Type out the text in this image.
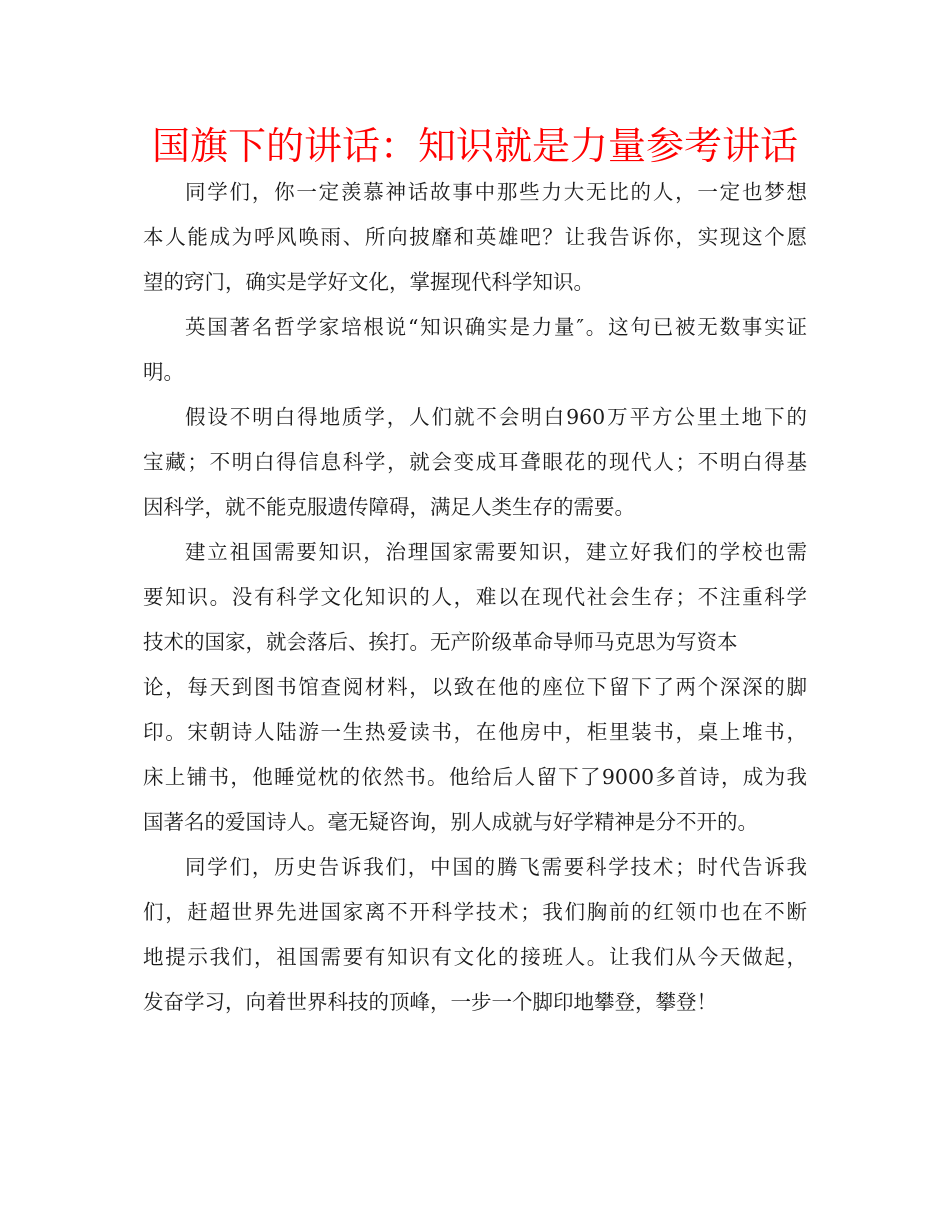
国旗下的讲话：知识就是力量参考讲话
同学们，你一定羡慕神话故事中那些力大无比的人，一定也梦想
本人能成为呼风唤雨、所向披靡和英雄吧？让我告诉你，实现这个愿
望的窍门，确实是学好文化，掌握现代科学知识。
英国著名哲学家培根说“知识确实是力量″。这句已被无数事实证
明。
假设不明白得地质学，人们就不会明白960万平方公里土地下的
宝藏；不明白得信息科学，就会变成耳聋眼花的现代人；不明白得基
因科学，就不能克服遗传障碍，满足人类生存的需要。
建立祖国需要知识，治理国家需要知识，建立好我们的学校也需
要知识。没有科学文化知识的人，难以在现代社会生存；不注重科学
技术的国家，就会落后、挨打。无产阶级革命导师马克思为写资本
论，每天到图书馆查阅材料，以致在他的座位下留下了两个深深的脚
印。宋朝诗人陆游一生热爱读书，在他房中，柜里装书，桌上堆书，
床上铺书，他睡觉枕的依然书。他给后人留下了9000多首诗，成为我
国著名的爱国诗人。毫无疑咨询，别人成就与好学精神是分不开的。
同学们，历史告诉我们，中国的腾飞需要科学技术；时代告诉我
们，赶超世界先进国家离不开科学技术；我们胸前的红领巾也在不断
地提示我们，祖国需要有知识有文化的接班人。让我们从今天做起，
发奋学习，向着世界科技的顶峰，一步一个脚印地攀登，攀登！
